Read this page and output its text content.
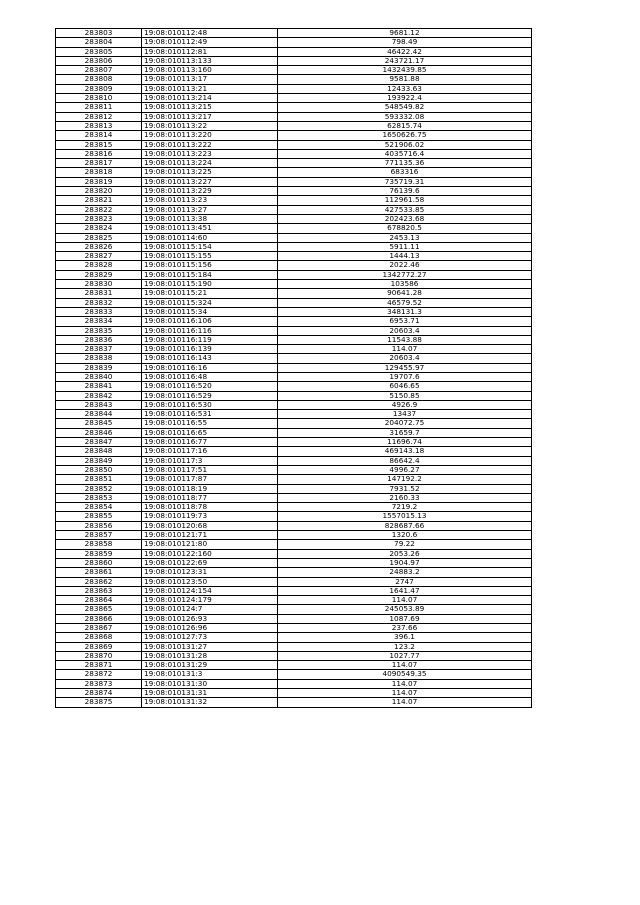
283803	19:08:010112:48	9681.12
283804	19:08:010112:49	798.49
283805	19:08:010112:81	46422.42
283806	19:08:010113:133	243721.17
283807	19:08:010113:160	1432439.85
283808	19:08:010113:17	9581.88
283809	19:08:010113:21	12433.63
283810	19:08:010113:214	193922.4
283811	19:08:010113:215	548549.82
283812	19:08:010113:217	593332.08
283813	19:08:010113:22	62815.74
283814	19:08:010113:220	1650626.75
283815	19:08:010113:222	521906.02
283816	19:08:010113:223	4035716.4
283817	19:08:010113:224	771135.36
283818	19:08:010113:225	683316
283819	19:08:010113:227	735719.31
283820	19:08:010113:229	76139.6
283821	19:08:010113:23	112961.58
283822	19:08:010113:27	427533.85
283823	19:08:010113:38	202423.68
283824	19:08:010113:451	678820.5
283825	19:08:010114:60	2453.13
283826	19:08:010115:154	5911.11
283827	19:08:010115:155	1444.13
283828	19:08:010115:156	2022.46
283829	19:08:010115:184	1342772.27
283830	19:08:010115:190	103586
283831	19:08:010115:21	90641.28
283832	19:08:010115:324	46579.52
283833	19:08:010115:34	348131.3
283834	19:08:010116:106	6953.71
283835	19:08:010116:116	20603.4
283836	19:08:010116:119	11543.88
283837	19:08:010116:139	114.07
283838	19:08:010116:143	20603.4
283839	19:08:010116:16	129455.97
283840	19:08:010116:48	19707.6
283841	19:08:010116:520	6046.65
283842	19:08:010116:529	5150.85
283843	19:08:010116:530	4926.9
283844	19:08:010116:531	13437
283845	19:08:010116:55	204072.75
283846	19:08:010116:65	31659.7
283847	19:08:010116:77	11696.74
283848	19:08:010117:16	469143.18
283849	19:08:010117:3	86642.4
283850	19:08:010117:51	4996.27
283851	19:08:010117:87	147192.2
283852	19:08:010118:19	7931.52
283853	19:08:010118:77	2160.33
283854	19:08:010118:78	7219.2
283855	19:08:010119:73	1557015.13
283856	19:08:010120:68	828687.66
283857	19:08:010121:71	1320.6
283858	19:08:010121:80	79.22
283859	19:08:010122:160	2053.26
283860	19:08:010122:69	1904.97
283861	19:08:010123:31	24883.2
283862	19:08:010123:50	2747
283863	19:08:010124:154	1641.47
283864	19:08:010124:179	114.07
283865	19:08:010124:7	245053.89
283866	19:08:010126:93	1087.69
283867	19:08:010126:96	237.66
283868	19:08:010127:73	396.1
283869	19:08:010131:27	123.2
283870	19:08:010131:28	1027.77
283871	19:08:010131:29	114.07
283872	19:08:010131:3	4090549.35
283873	19:08:010131:30	114.07
283874	19:08:010131:31	114.07
283875	19:08:010131:32	114.07
